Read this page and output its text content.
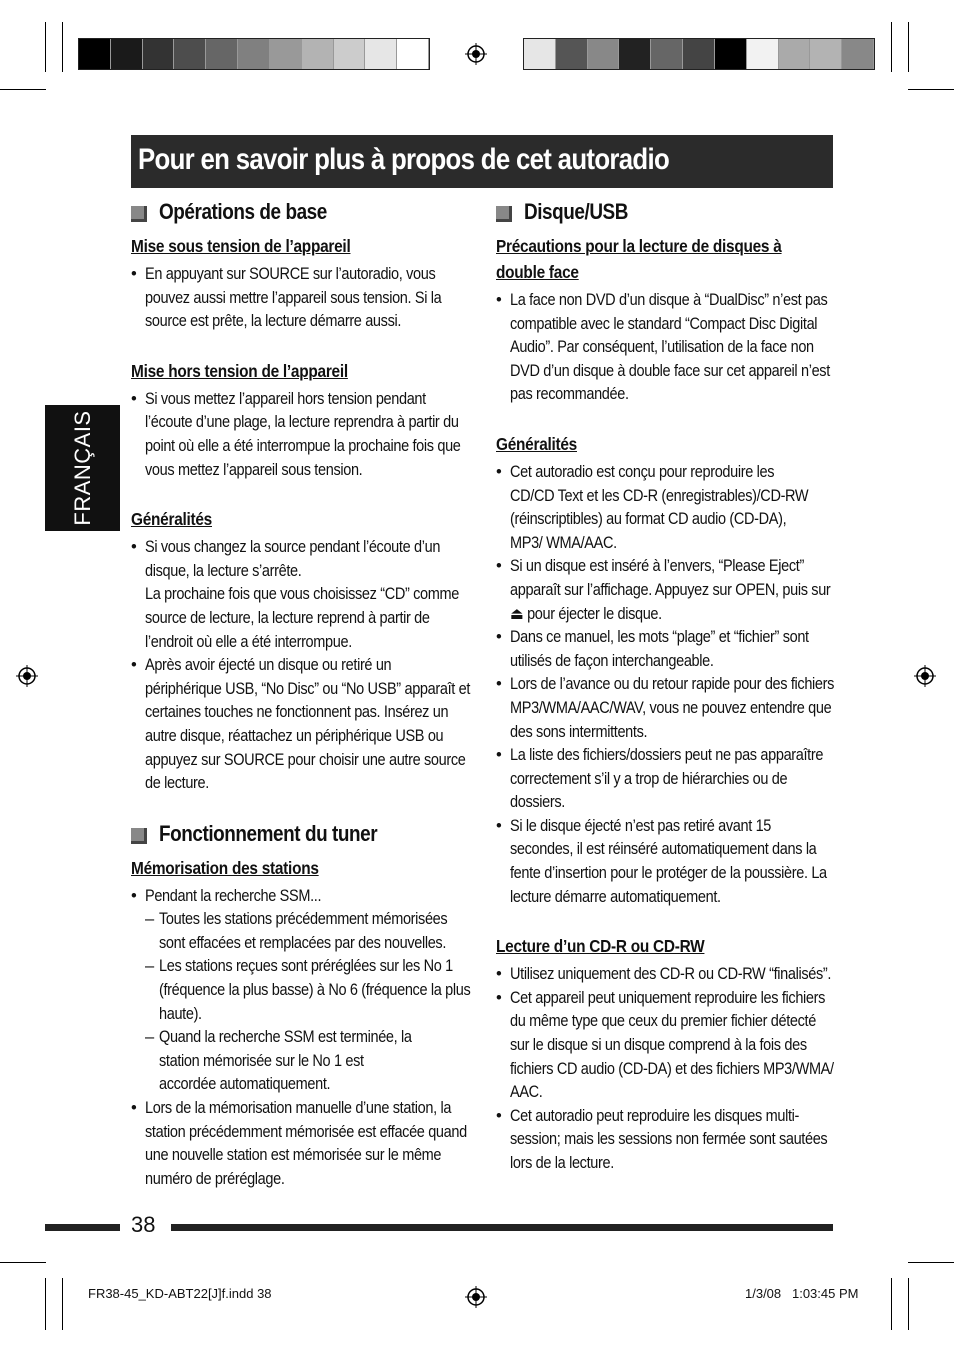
Pour en savoir plus à propos de cet autoradio
FRANÇAIS
Opérations de base
Mise sous tension de l’appareil
• En appuyant sur SOURCE sur l’autoradio, vous pouvez aussi mettre l’appareil sous tension. Si la source est prête, la lecture démarre aussi.
Mise hors tension de l’appareil
• Si vous mettez l’appareil hors tension pendant l’écoute d’une plage, la lecture reprendra à partir du point où elle a été interrompue la prochaine fois que vous mettez l’appareil sous tension.
Généralités
• Si vous changez la source pendant l’écoute d’un disque, la lecture s’arrête.
La prochaine fois que vous choisissez “CD” comme source de lecture, la lecture reprend à partir de l’endroit où elle a été interrompue.
• Après avoir éjecté un disque ou retiré un périphérique USB, “No Disc” ou “No USB” apparaît et certaines touches ne fonctionnent pas. Insérez un autre disque, réattachez un périphérique USB ou appuyez sur SOURCE pour choisir une autre source de lecture.
Fonctionnement du tuner
Mémorisation des stations
• Pendant la recherche SSM...
– Toutes les stations précédemment mémorisées sont effacées et remplacées par des nouvelles.
– Les stations reçues sont préréglées sur les No 1 (fréquence la plus basse) à No 6 (fréquence la plus haute).
– Quand la recherche SSM est terminée, la station mémorisée sur le No 1 est accordée automatiquement.
• Lors de la mémorisation manuelle d’une station, la station précédemment mémorisée est effacée quand une nouvelle station est mémorisée sur le même numéro de préréglage.
Disque/USB
Précautions pour la lecture de disques à double face
• La face non DVD d’un disque à “DualDisc” n’est pas compatible avec le standard “Compact Disc Digital Audio”. Par conséquent, l’utilisation de la face non DVD d’un disque à double face sur cet appareil n’est pas recommandée.
Généralités
• Cet autoradio est conçu pour reproduire les CD/CD Text et les CD-R (enregistrables)/CD-RW (réinscriptibles) au format CD audio (CD-DA), MP3/ WMA/AAC.
• Si un disque est inséré à l’envers, “Please Eject” apparaît sur l’affichage. Appuyez sur OPEN, puis sur ⏏ pour éjecter le disque.
• Dans ce manuel, les mots “plage” et “fichier” sont utilisés de façon interchangeable.
• Lors de l’avance ou du retour rapide pour des fichiers MP3/WMA/AAC/WAV, vous ne pouvez entendre que des sons intermittents.
• La liste des fichiers/dossiers peut ne pas apparaître correctement s’il y a trop de hiérarchies ou de dossiers.
• Si le disque éjecté n’est pas retiré avant 15 secondes, il est réinséré automatiquement dans la fente d’insertion pour le protéger de la poussière. La lecture démarre automatiquement.
Lecture d’un CD-R ou CD-RW
• Utilisez uniquement des CD-R ou CD-RW “finalisés”.
• Cet appareil peut uniquement reproduire les fichiers du même type que ceux du premier fichier détecté sur le disque si un disque comprend à la fois des fichiers CD audio (CD-DA) et des fichiers MP3/WMA/ AAC.
• Cet autoradio peut reproduire les disques multi-session; mais les sessions non fermée sont sautées lors de la lecture.
38
FR38-45_KD-ABT22[J]f.indd 38	1/3/08   1:03:45 PM
